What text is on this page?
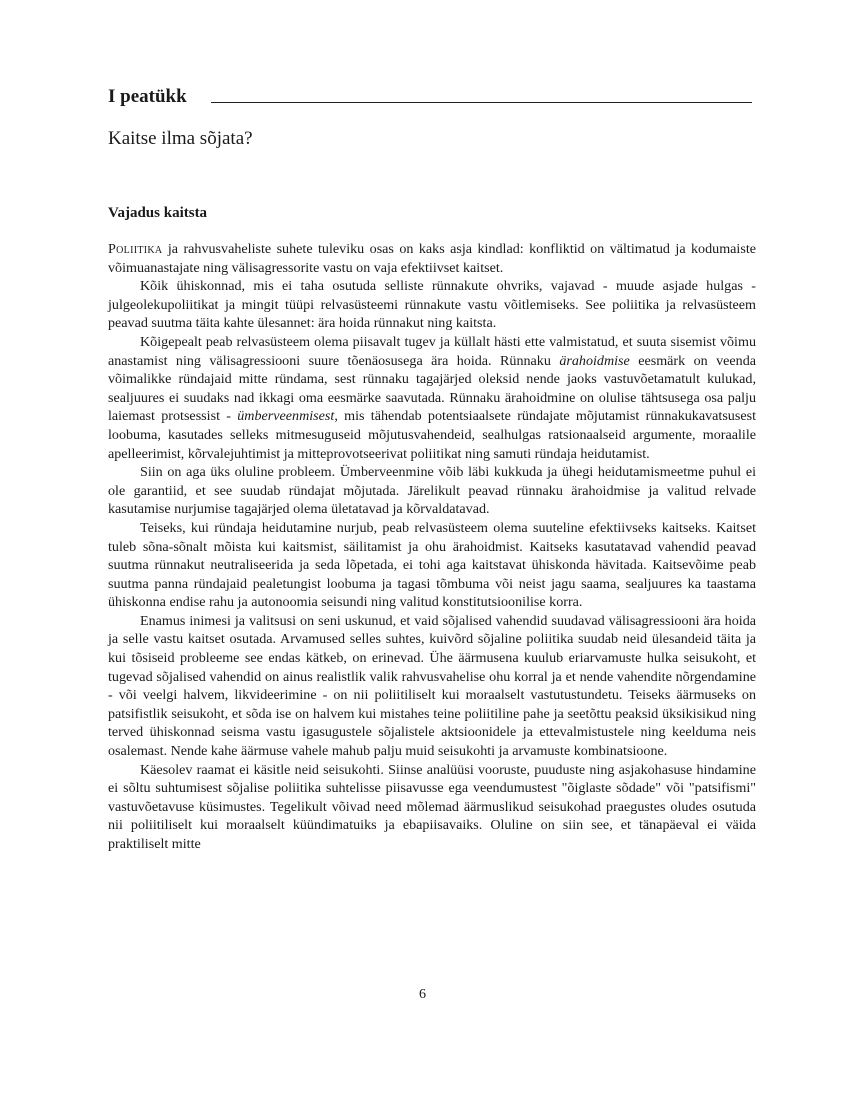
I peatükk
Kaitse ilma sõjata?
Vajadus kaitsta

Poliitika ja rahvusvaheliste suhete tuleviku osas on kaks asja kindlad: konfliktid on vältimatud ja kodumaiste võimuanastajate ning välisagressorite vastu on vaja efektiivset kaitset.

Kõik ühiskonnad, mis ei taha osutuda selliste rünnakute ohvriks, vajavad - muude asjade hulgas -julgeolekupoliitikat ja mingit tüüpi relvasüsteemi rünnakute vastu võitlemiseks. See poliitika ja relvasüsteem peavad suutma täita kahte ülesannet: ära hoida rünnakut ning kaitsta.

Kõigepealt peab relvasüsteem olema piisavalt tugev ja küllalt hästi ette valmistatud, et suuta sisemist võimu anastamist ning välisagressiooni suure tõenäosusega ära hoida. Rünnaku ärahoidmise eesmärk on veenda võimalikke ründajaid mitte ründama, sest rünnaku tagajärjed oleksid nende jaoks vastuvõetamatult kulukad, sealjuures ei suudaks nad ikkagi oma eesmärke saavutada. Rünnaku ärahoidmine on olulise tähtsusega osa palju laiemast protsessist - ümberveenmisest, mis tähendab potentsiaalsete ründajate mõjutamist rünnakukavatsusest loobuma, kasutades selleks mitmesuguseid mõjutusvahendeid, sealhulgas ratsionaalseid argumente, moraalile apelleerimist, kõrvalejuhtimist ja mitteprovotseerivat poliitikat ning samuti ründaja heidutamist.

Siin on aga üks oluline probleem. Ümberveenmine võib läbi kukkuda ja ühegi heidutamismeetme puhul ei ole garantiid, et see suudab ründajat mõjutada. Järelikult peavad rünnaku ärahoidmise ja valitud relvade kasutamise nurjumise tagajärjed olema ületatavad ja kõrvaldatavad.

Teiseks, kui ründaja heidutamine nurjub, peab relvasüsteem olema suuteline efektiivseks kaitseks. Kaitset tuleb sõna-sõnalt mõista kui kaitsmist, säilitamist ja ohu ärahoidmist. Kaitseks kasutatavad vahendid peavad suutma rünnakut neutraliseerida ja seda lõpetada, ei tohi aga kaitstavat ühiskonda hävitada. Kaitsevõime peab suutma panna ründajaid pealetungist loobuma ja tagasi tõmbuma või neist jagu saama, sealjuures ka taastama ühiskonna endise rahu ja autonoomia seisundi ning valitud konstitutsioonilise korra.

Enamus inimesi ja valitsusi on seni uskunud, et vaid sõjalised vahendid suudavad välisagressiooni ära hoida ja selle vastu kaitset osutada. Arvamused selles suhtes, kuivõrd sõjaline poliitika suudab neid ülesandeid täita ja kui tõsiseid probleeme see endas kätkeb, on erinevad. Ühe äärmusena kuulub eriarvamuste hulka seisukoht, et tugevad sõjalised vahendid on ainus realistlik valik rahvusvahelise ohu korral ja et nende vahendite nõrgendamine - või veelgi halvem, likvideerimine - on nii poliitiliselt kui moraalselt vastutustundetu. Teiseks äärmuseks on patsifistlik seisukoht, et sõda ise on halvem kui mistahes teine poliitiline pahe ja seetõttu peaksid üksikisikud ning terved ühiskonnad seisma vastu igasugustele sõjalistele aktsioonidele ja ettevalmistustele ning keelduma neis osalemast. Nende kahe äärmuse vahele mahub palju muid seisukohti ja arvamuste kombinatsioone.

Käesolev raamat ei käsitle neid seisukohti. Siinse analüüsi vooruste, puuduste ning asjakohasuse hindamine ei sõltu suhtumisest sõjalise poliitika suhtelisse piisavusse ega veendumustest "õiglaste sõdade" või "patsifismi" vastuvõetavuse küsimustes. Tegelikult võivad need mõlemad äärmuslikud seisukohad praegustes oludes osutuda nii poliitiliselt kui moraalselt küündimatuiks ja ebapiisavaiks. Oluline on siin see, et tänapäeval ei väida praktiliselt mitte

6
